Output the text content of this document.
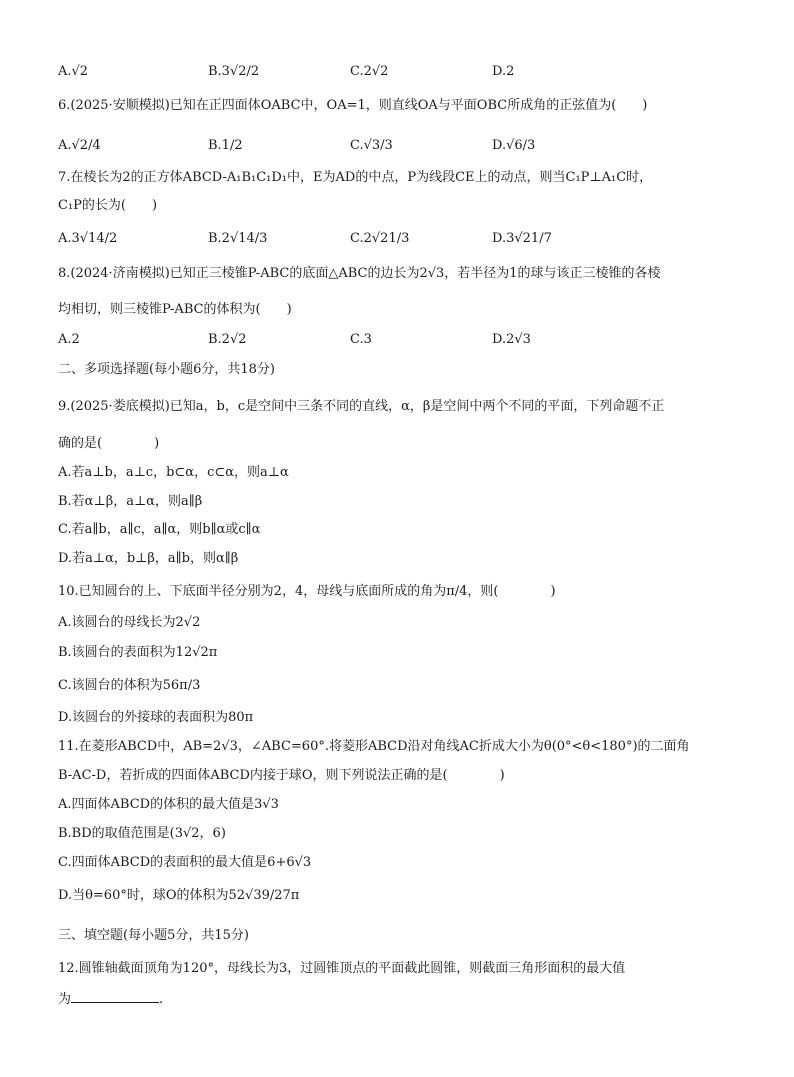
A.√2	B.3√2/2	C.2√2	D.2
6.(2025·安顺模拟)已知在正四面体OABC中，OA=1，则直线OA与平面OBC所成角的正弦值为(　　)
A.√2/4	B.1/2	C.√3/3	D.√6/3
7.在棱长为2的正方体ABCD-A₁B₁C₁D₁中，E为AD的中点，P为线段CE上的动点，则当C₁P⊥A₁C时，
C₁P的长为(　　)
A.3√14/2	B.2√14/3	C.2√21/3	D.3√21/7
8.(2024·济南模拟)已知正三棱锥P-ABC的底面△ABC的边长为2√3，若半径为1的球与该正三棱锥的各棱
均相切，则三棱锥P-ABC的体积为(　　)
A.2	B.2√2	C.3	D.2√3
二、多项选择题(每小题6分，共18分)
9.(2025·娄底模拟)已知a，b，c是空间中三条不同的直线，α，β是空间中两个不同的平面，下列命题不正
确的是(　　　　)
A.若a⊥b，a⊥c，b⊂α，c⊂α，则a⊥α
B.若α⊥β，a⊥α，则a∥β
C.若a∥b，a∥c，a∥α，则b∥α或c∥α
D.若a⊥α，b⊥β，a∥b，则α∥β
10.已知圆台的上、下底面半径分别为2，4，母线与底面所成的角为π/4，则(　　　　)
A.该圆台的母线长为2√2
B.该圆台的表面积为12√2π
C.该圆台的体积为56π/3
D.该圆台的外接球的表面积为80π
11.在菱形ABCD中，AB=2√3，∠ABC=60°.将菱形ABCD沿对角线AC折成大小为θ(0°<θ<180°)的二面角
B-AC-D，若折成的四面体ABCD内接于球O，则下列说法正确的是(　　　　)
A.四面体ABCD的体积的最大值是3√3
B.BD的取值范围是(3√2，6)
C.四面体ABCD的表面积的最大值是6+6√3
D.当θ=60°时，球O的体积为52√39/27π
三、填空题(每小题5分，共15分)
12.圆锥轴截面顶角为120°，母线长为3，过圆锥顶点的平面截此圆锥，则截面三角形面积的最大值
为	.
